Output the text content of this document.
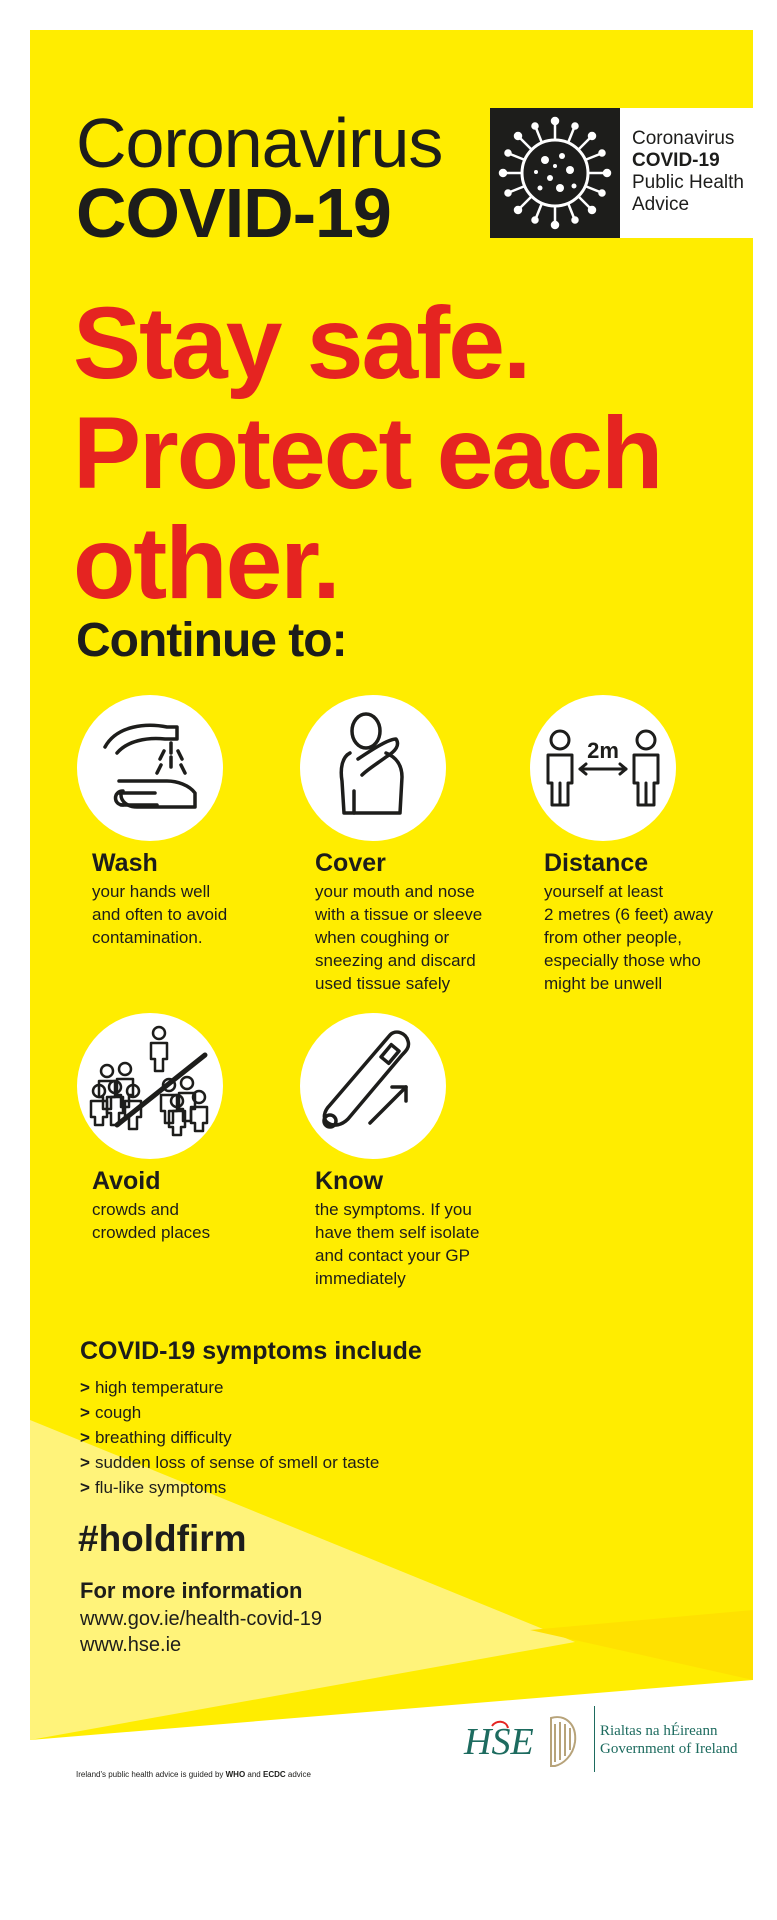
Coronavirus
COVID-19
Coronavirus
COVID-19
Public Health
Advice
Stay safe.
Protect each
other.
Continue to:
Wash
your hands well
and often to avoid
contamination.
Cover
your mouth and nose
with a tissue or sleeve
when coughing or
sneezing and discard
used tissue safely
2m
Distance
yourself at least
2 metres (6 feet) away
from other people,
especially those who
might be unwell
Avoid
crowds and
crowded places
Know
the symptoms. If you
have them self isolate
and contact your GP
immediately
COVID-19 symptoms include
> high temperature
> cough
> breathing difficulty
> sudden loss of sense of smell or taste
> flu-like symptoms
#holdfirm
For more information
www.gov.ie/health-covid-19
www.hse.ie
Ireland's public health advice is guided by WHO and ECDC advice
HSE	Rialtas na hÉireann
Government of Ireland
